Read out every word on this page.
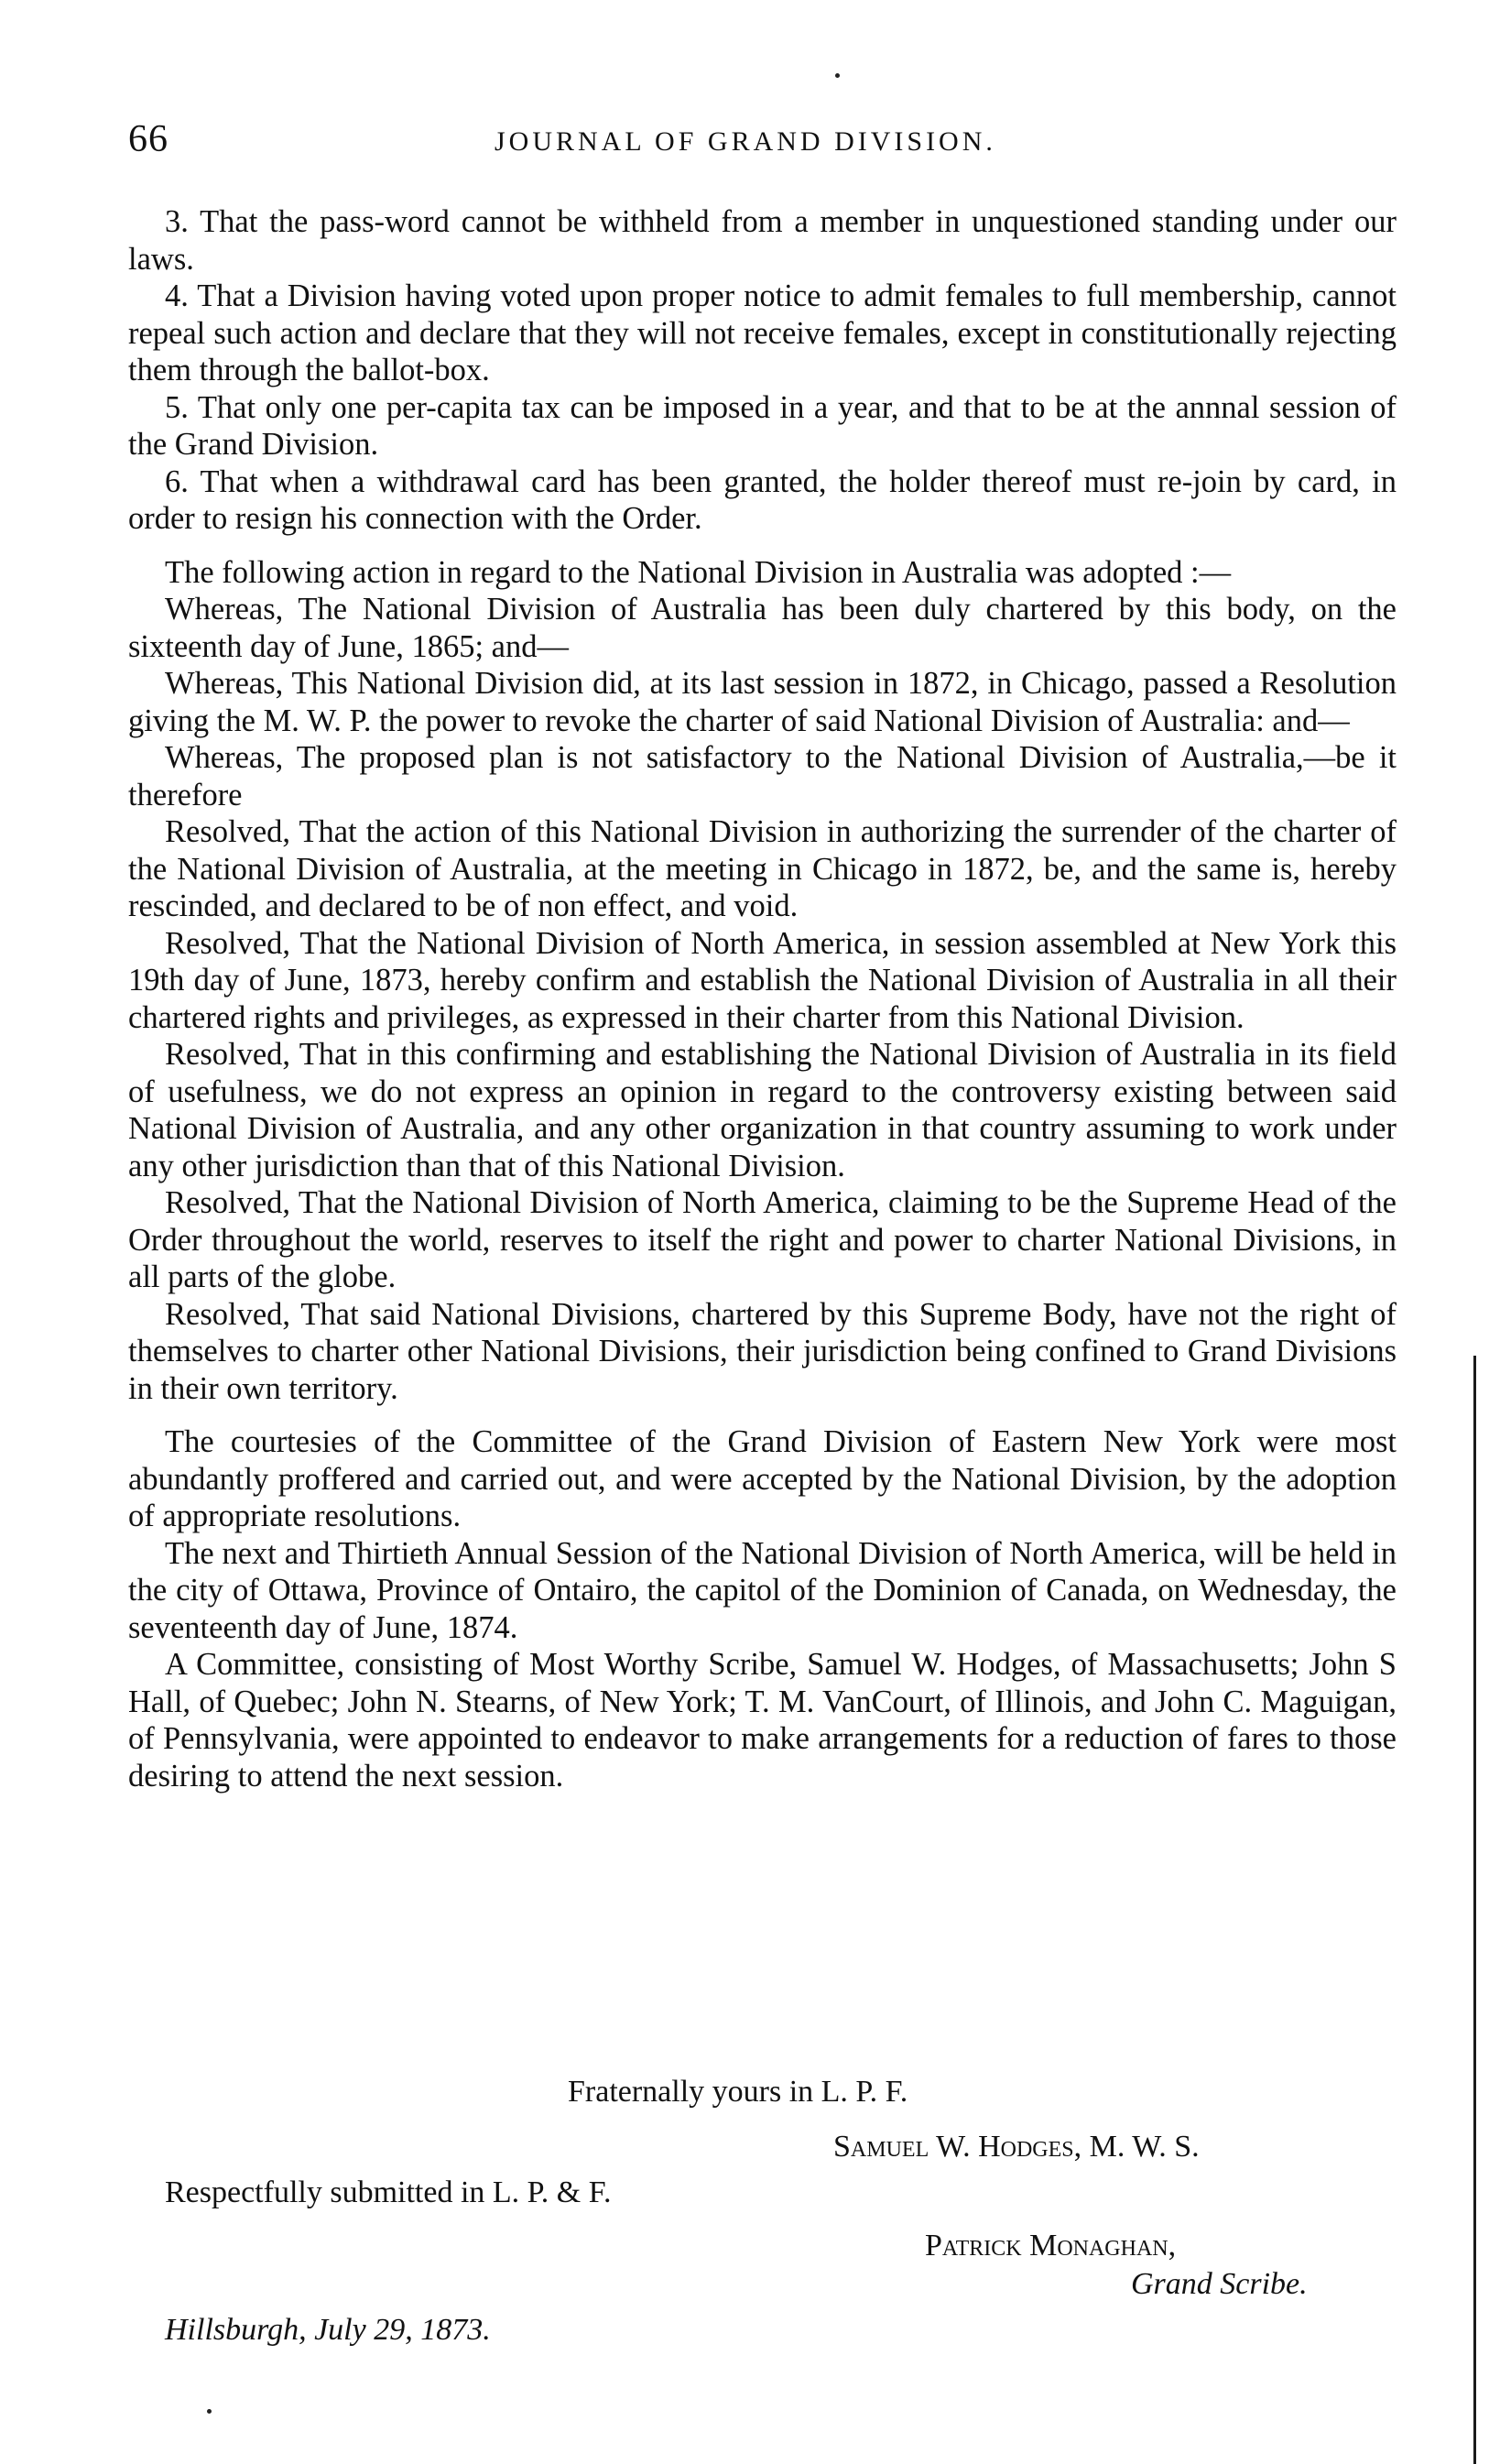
66	JOURNAL OF GRAND DIVISION.

3. That the pass-word cannot be withheld from a member in unquestioned standing under our laws.

4. That a Division having voted upon proper notice to admit females to full membership, cannot repeal such action and declare that they will not receive females, except in constitutionally rejecting them through the ballot-box.

5. That only one per-capita tax can be imposed in a year, and that to be at the annnal session of the Grand Division.

6. That when a withdrawal card has been granted, the holder thereof must re-join by card, in order to resign his connection with the Order.

The following action in regard to the National Division in Australia was adopted :—

Whereas, The National Division of Australia has been duly chartered by this body, on the sixteenth day of June, 1865; and—

Whereas, This National Division did, at its last session in 1872, in Chicago, passed a Resolution giving the M. W. P. the power to revoke the charter of said National Division of Australia: and—

Whereas, The proposed plan is not satisfactory to the National Division of Australia,—be it therefore

Resolved, That the action of this National Division in authorizing the surrender of the charter of the National Division of Australia, at the meeting in Chicago in 1872, be, and the same is, hereby rescinded, and declared to be of non effect, and void.

Resolved, That the National Division of North America, in session assembled at New York this 19th day of June, 1873, hereby confirm and establish the National Division of Australia in all their chartered rights and privileges, as expressed in their charter from this National Division.

Resolved, That in this confirming and establishing the National Division of Australia in its field of usefulness, we do not express an opinion in regard to the controversy existing between said National Division of Australia, and any other organization in that country assuming to work under any other jurisdiction than that of this National Division.

Resolved, That the National Division of North America, claiming to be the Supreme Head of the Order throughout the world, reserves to itself the right and power to charter National Divisions, in all parts of the globe.

Resolved, That said National Divisions, chartered by this Supreme Body, have not the right of themselves to charter other National Divisions, their jurisdiction being confined to Grand Divisions in their own territory.

The courtesies of the Committee of the Grand Division of Eastern New York were most abundantly proffered and carried out, and were accepted by the National Division, by the adoption of appropriate resolutions.

The next and Thirtieth Annual Session of the National Division of North America, will be held in the city of Ottawa, Province of Ontairo, the capitol of the Dominion of Canada, on Wednesday, the seventeenth day of June, 1874.

A Committee, consisting of Most Worthy Scribe, Samuel W. Hodges, of Massachusetts; John S Hall, of Quebec; John N. Stearns, of New York; T. M. VanCourt, of Illinois, and John C. Maguigan, of Pennsylvania, were appointed to endeavor to make arrangements for a reduction of fares to those desiring to attend the next session.

Fraternally yours in L. P. F.
Samuel W. Hodges, M. W. S.
Respectfully submitted in L. P. & F.
Patrick Monaghan,
Grand Scribe.
Hillsburgh, July 29, 1873.
